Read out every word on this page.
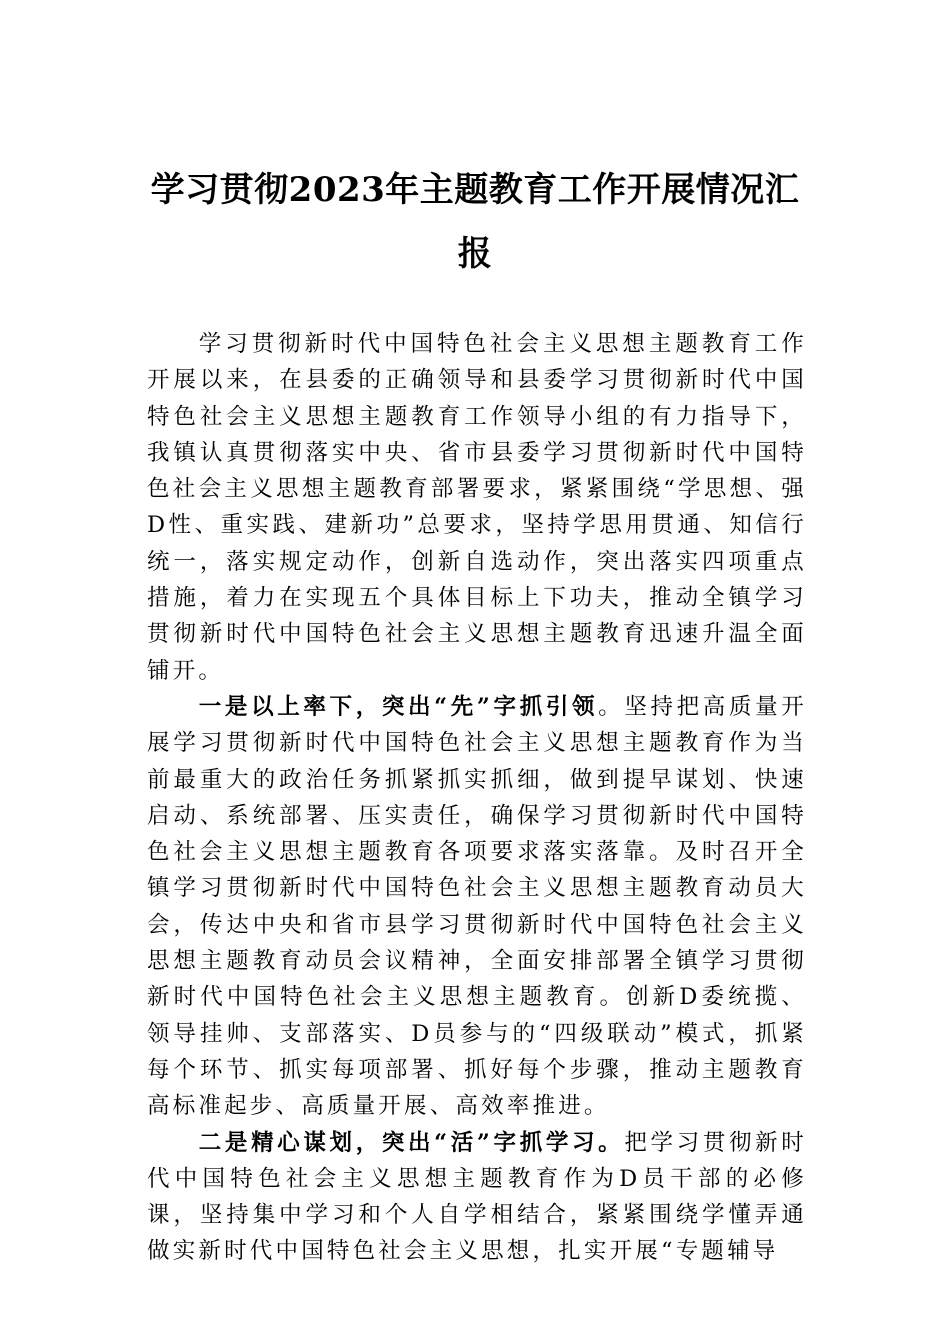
学习贯彻2023年主题教育工作开展情况汇报

学习贯彻新时代中国特色社会主义思想主题教育工作开展以来，在县委的正确领导和县委学习贯彻新时代中国特色社会主义思想主题教育工作领导小组的有力指导下，我镇认真贯彻落实中央、省市县委学习贯彻新时代中国特色社会主义思想主题教育部署要求，紧紧围绕“学思想、强D性、重实践、建新功”总要求，坚持学思用贯通、知信行统一，落实规定动作，创新自选动作，突出落实四项重点措施，着力在实现五个具体目标上下功夫，推动全镇学习贯彻新时代中国特色社会主义思想主题教育迅速升温全面铺开。

一是以上率下，突出“先”字抓引领。坚持把高质量开展学习贯彻新时代中国特色社会主义思想主题教育作为当前最重大的政治任务抓紧抓实抓细，做到提早谋划、快速启动、系统部署、压实责任，确保学习贯彻新时代中国特色社会主义思想主题教育各项要求落实落靠。及时召开全镇学习贯彻新时代中国特色社会主义思想主题教育动员大会，传达中央和省市县学习贯彻新时代中国特色社会主义思想主题教育动员会议精神，全面安排部署全镇学习贯彻新时代中国特色社会主义思想主题教育。创新D委统揽、领导挂帅、支部落实、D员参与的“四级联动”模式，抓紧每个环节、抓实每项部署、抓好每个步骤，推动主题教育高标准起步、高质量开展、高效率推进。

二是精心谋划，突出“活”字抓学习。把学习贯彻新时代中国特色社会主义思想主题教育作为D员干部的必修课，坚持集中学习和个人自学相结合，紧紧围绕学懂弄通做实新时代中国特色社会主义思想，扎实开展“专题辅导
